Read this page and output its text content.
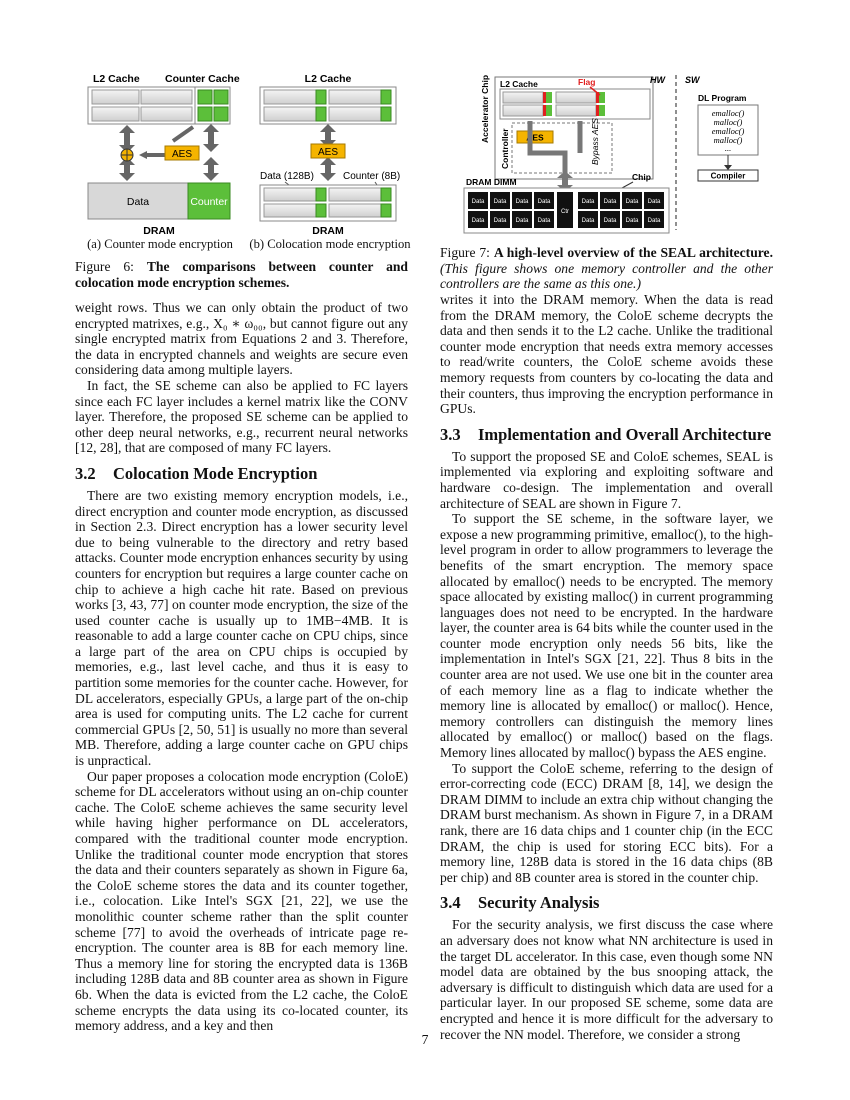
L2 Cache Counter Cache
AES
Data	Counter
DRAM
L2 Cache
AES
Data (128B)	Counter (8B)
DRAM
(a) Counter mode encryption	(b) Colocation mode encryption

Figure 6: The comparisons between counter and colocation mode encryption schemes.

weight rows. Thus we can only obtain the product of two encrypted matrixes, e.g., X₀ ∗ ω₀₀, but cannot figure out any single encrypted matrix from Equations 2 and 3. Therefore, the data in encrypted channels and weights are secure even considering data among multiple layers.

In fact, the SE scheme can also be applied to FC layers since each FC layer includes a kernel matrix like the CONV layer. Therefore, the proposed SE scheme can be applied to other deep neural networks, e.g., recurrent neural networks [12, 28], that are composed of many FC layers.

3.2 Colocation Mode Encryption

There are two existing memory encryption models, i.e., direct encryption and counter mode encryption, as discussed in Section 2.3. Direct encryption has a lower security level due to being vulnerable to the directory and retry based attacks. Counter mode encryption enhances security by using counters for encryption but requires a large counter cache on chip to achieve a high cache hit rate. Based on previous works [3, 43, 77] on counter mode encryption, the size of the used counter cache is usually up to 1MB−4MB. It is reasonable to add a large counter cache on CPU chips, since a large part of the area on CPU chips is occupied by memories, e.g., last level cache, and thus it is easy to partition some memories for the counter cache. However, for DL accelerators, especially GPUs, a large part of the on-chip area is used for computing units. The L2 cache for current commercial GPUs [2, 50, 51] is usually no more than several MB. Therefore, adding a large counter cache on GPU chips is unpractical.

Our paper proposes a colocation mode encryption (ColoE) scheme for DL accelerators without using an on-chip counter cache. The ColoE scheme achieves the same security level while having higher performance on DL accelerators, compared with the traditional counter mode encryption. Unlike the traditional counter mode encryption that stores the data and their counters separately as shown in Figure 6a, the ColoE scheme stores the data and its counter together, i.e., colocation. Like Intel's SGX [21, 22], we use the monolithic counter scheme rather than the split counter scheme [77] to avoid the overheads of intricate page re-encryption. The counter area is 8B for each memory line. Thus a memory line for storing the encrypted data is 136B including 128B data and 8B counter area as shown in Figure 6b. When the data is evicted from the L2 cache, the ColoE scheme encrypts the data using its co-located counter, its memory address, and a key and then

Accelerator Chip L2 Cache	Flag
Controller AES	Bypass AES
HW SW
DL Program
emalloc()
malloc()
emalloc()
malloc()
...
Compiler
DRAM DIMM	Chip
Data Data Data Data	Data Data Data Data
Data Data Data Data	Data Data Data Data
Ctr

Figure 7: A high-level overview of the SEAL architecture. (This figure shows one memory controller and the other controllers are the same as this one.)

writes it into the DRAM memory. When the data is read from the DRAM memory, the ColoE scheme decrypts the data and then sends it to the L2 cache. Unlike the traditional counter mode encryption that needs extra memory accesses to read/write counters, the ColoE scheme avoids these memory requests from counters by co-locating the data and their counters, thus improving the encryption performance in GPUs.

3.3 Implementation and Overall Architecture

To support the proposed SE and ColoE schemes, SEAL is implemented via exploring and exploiting software and hardware co-design. The implementation and overall architecture of SEAL are shown in Figure 7.

To support the SE scheme, in the software layer, we expose a new programming primitive, emalloc(), to the high-level program in order to allow programmers to leverage the benefits of the smart encryption. The memory space allocated by emalloc() needs to be encrypted. The memory space allocated by existing malloc() in current programming languages does not need to be encrypted. In the hardware layer, the counter area is 64 bits while the counter used in the counter mode encryption only needs 56 bits, like the implementation in Intel's SGX [21, 22]. Thus 8 bits in the counter area are not used. We use one bit in the counter area of each memory line as a flag to indicate whether the memory line is allocated by emalloc() or malloc(). Hence, memory controllers can distinguish the memory lines allocated by emalloc() or malloc() based on the flags. Memory lines allocated by malloc() bypass the AES engine.

To support the ColoE scheme, referring to the design of error-correcting code (ECC) DRAM [8, 14], we design the DRAM DIMM to include an extra chip without changing the DRAM burst mechanism. As shown in Figure 7, in a DRAM rank, there are 16 data chips and 1 counter chip (in the ECC DRAM, the chip is used for storing ECC bits). For a memory line, 128B data is stored in the 16 data chips (8B per chip) and 8B counter area is stored in the counter chip.

3.4 Security Analysis

For the security analysis, we first discuss the case where an adversary does not know what NN architecture is used in the target DL accelerator. In this case, even though some NN model data are obtained by the bus snooping attack, the adversary is difficult to distinguish which data are used for a particular layer. In our proposed SE scheme, some data are encrypted and hence it is more difficult for the adversary to recover the NN model. Therefore, we consider a strong

7
